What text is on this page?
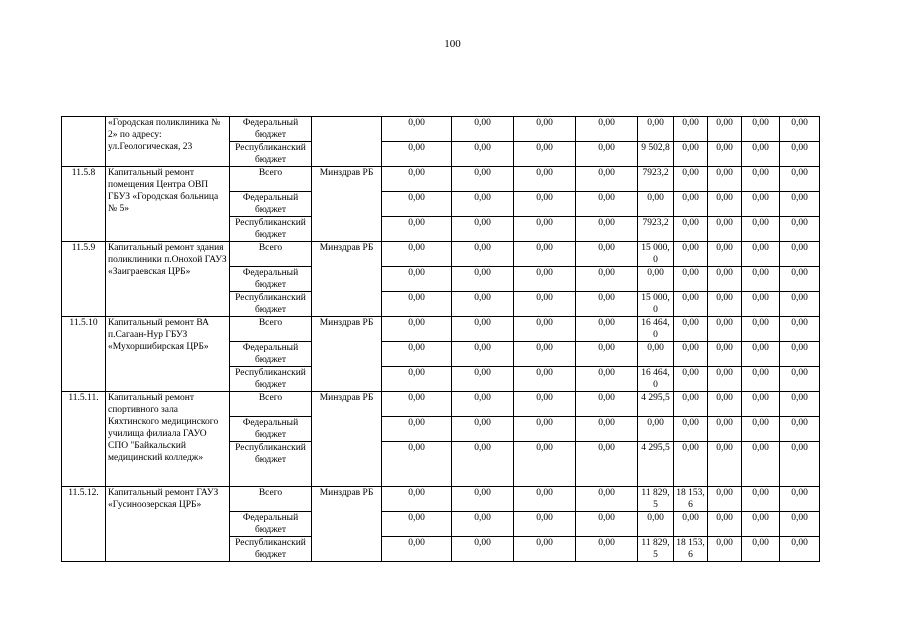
100
	«Городская поликлиника № 2» по адресу: ул.Геологическая, 23	Федеральный бюджет		0,00	0,00	0,00	0,00	0,00	0,00	0,00	0,00	0,00
		Республиканский бюджет		0,00	0,00	0,00	0,00	9 502,8	0,00	0,00	0,00	0,00
11.5.8	Капитальный ремонт помещения Центра ОВП ГБУЗ «Городская больница № 5»	Всего	Минздрав РБ	0,00	0,00	0,00	0,00	7923,2	0,00	0,00	0,00	0,00
		Федеральный бюджет		0,00	0,00	0,00	0,00	0,00	0,00	0,00	0,00	0,00
		Республиканский бюджет		0,00	0,00	0,00	0,00	7923,2	0,00	0,00	0,00	0,00
11.5.9	Капитальный ремонт здания поликлиники п.Онохой ГАУЗ «Заиграевская ЦРБ»	Всего	Минздрав РБ	0,00	0,00	0,00	0,00	15 000,0	0,00	0,00	0,00	0,00
		Федеральный бюджет		0,00	0,00	0,00	0,00	0,00	0,00	0,00	0,00	0,00
		Республиканский бюджет		0,00	0,00	0,00	0,00	15 000,0	0,00	0,00	0,00	0,00
11.5.10	Капитальный ремонт ВА п.Сагаан-Нур ГБУЗ «Мухоршибирская ЦРБ»	Всего	Минздрав РБ	0,00	0,00	0,00	0,00	16 464,0	0,00	0,00	0,00	0,00
		Федеральный бюджет		0,00	0,00	0,00	0,00	0,00	0,00	0,00	0,00	0,00
		Республиканский бюджет		0,00	0,00	0,00	0,00	16 464,0	0,00	0,00	0,00	0,00
11.5.11.	Капитальный ремонт спортивного зала Кяхтинского медицинского училища филиала ГАУО СПО "Байкальский медицинский колледж»	Всего	Минздрав РБ	0,00	0,00	0,00	0,00	4 295,5	0,00	0,00	0,00	0,00
		Федеральный бюджет		0,00	0,00	0,00	0,00	0,00	0,00	0,00	0,00	0,00
		Республиканский бюджет		0,00	0,00	0,00	0,00	4 295,5	0,00	0,00	0,00	0,00
11.5.12.	Капитальный ремонт ГАУЗ «Гусиноозерская ЦРБ»	Всего	Минздрав РБ	0,00	0,00	0,00	0,00	11 829,5	18 153,6	0,00	0,00	0,00
		Федеральный бюджет		0,00	0,00	0,00	0,00	0,00	0,00	0,00	0,00	0,00
		Республиканский бюджет		0,00	0,00	0,00	0,00	11 829,5	18 153,6	0,00	0,00	0,00
